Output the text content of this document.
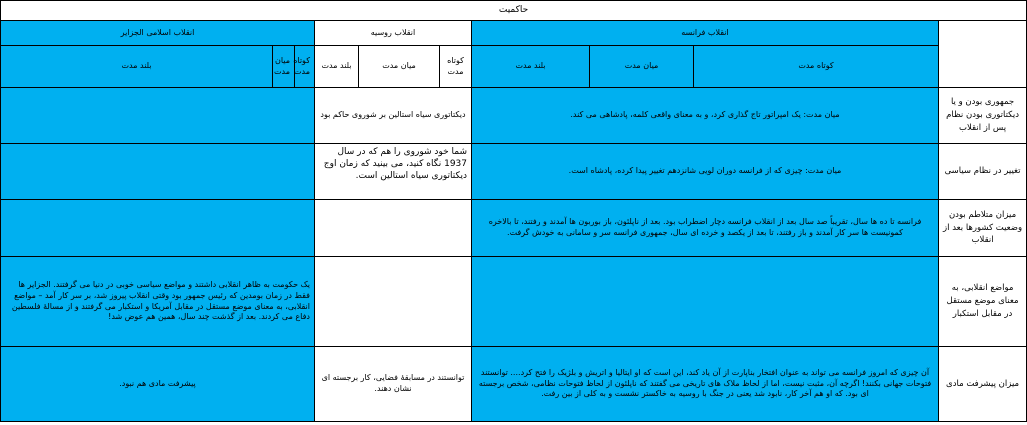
حاکمیت									
انقلاب اسلامی الجزایر			انقلاب روسیه			انقلاب فرانسه			
بلند مدت	میان مدت	کوتاه مدت	بلند مدت	میان مدت	کوتاه مدت	بلند مدت	میان مدت	کوتاه مدت	
			دیکتاتوری سیاه استالین بر شوروی حاکم بود			میان مدت: یک امپراتور تاج گذاری کرد، و به معنای واقعی کلمه، پادشاهی می کند.			جمهوری بودن و یا دیکتاتوری بودن نظام پس از انقلاب
			شما خود شوروی را هم که در سال 1937 نگاه کنید، می بینید که زمان اوج دیکتاتوری سیاه استالین است.			میان مدت: چیزی که از فرانسه دوران لویی شانزدهم تغییر پیدا کرده، پادشاه است.			تغییر در نظام سیاسی
						فرانسه تا ده ها سال، تقریباً صد سال بعد از انقلاب فرانسه دچار اضطراب بود. بعد از ناپلئون، باز بوربون ها آمدند و رفتند، تا بالاخره کمونیست ها سر کار آمدند و باز رفتند، تا بعد از یکصد و خرده ای سال، جمهوری فرانسه سر و سامانی به خودش گرفت.			میزان متلاطم بودن وضعیت کشورها بعد از انقلاب
یک حکومت به ظاهر انقلابی داشتند و مواضع سیاسی خوبی در دنیا می گرفتند. الجزایر ها فقط در زمان بومدین که رئیس جمهور بود وقتی انقلاب پیروز شد، بر سر کار آمد – مواضع انقلابی، به معنای موضع مستقل در مقابل آمریکا و استکبار می گرفتند و از مسالهٔ فلسطین دفاع می کردند. بعد از گذشت چند سال، همین هم عوض شد!									مواضع انقلابی، به معنای موضع مستقل در مقابل استکبار
پیشرفت مادی هم نبود.			توانستند در مسابقهٔ فضایی، کار برجسته ای نشان دهند.			آن چیزی که امروز فرانسه می تواند به عنوان افتخار بناپارت از آن یاد کند، این است که او ایتالیا و اتریش و بلژیک را فتح کرد.... توانستند فتوحات جهانی بکنند! اگرچه آن، مثبت نیست، اما از لحاظ ملاک های تاریخی می گفتند که ناپلئون از لحاظ فتوحات نظامی، شخص برجسته ای بود. که او هم آخر کار، نابود شد یعنی در جنگ با روسیه به خاکستر نشست و به کلی از بین رفت.			میزان پیشرفت مادی
